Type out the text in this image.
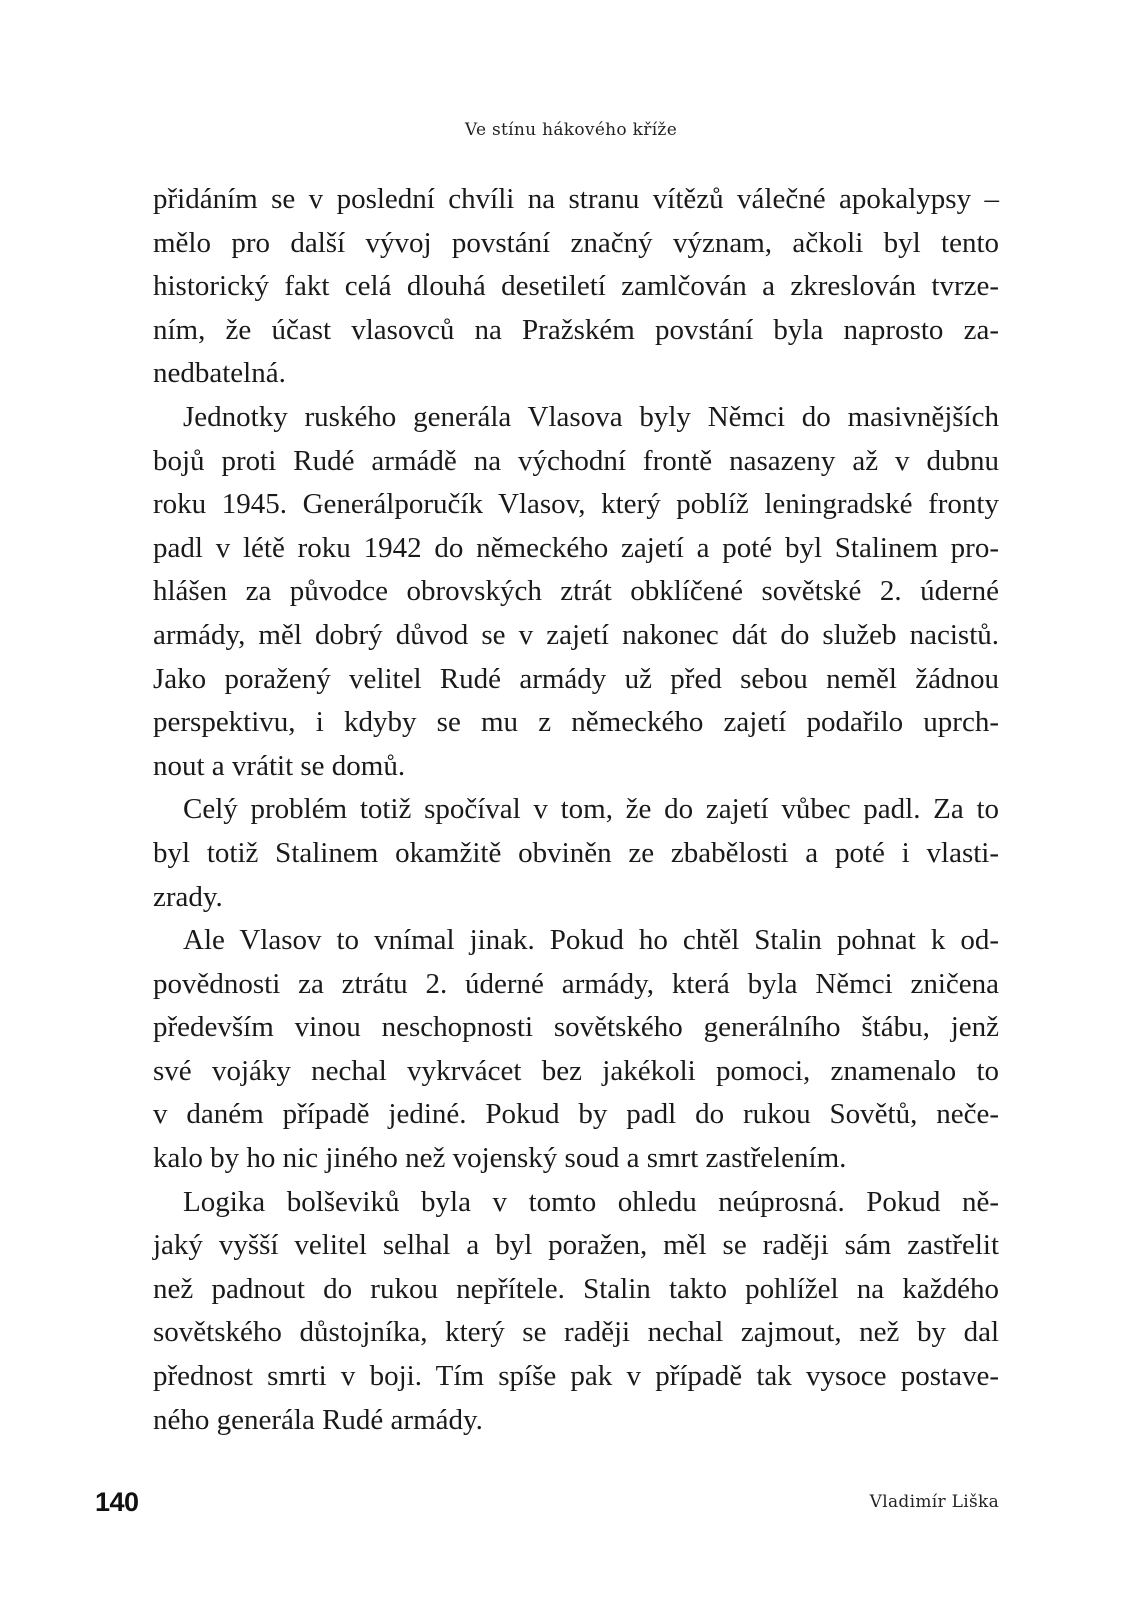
Ve stínu hákového kříže
přidáním se v poslední chvíli na stranu vítězů válečné apokalypsy –
mělo pro další vývoj povstání značný význam, ačkoli byl tento
historický fakt celá dlouhá desetiletí zamlčován a zkreslován tvrze-
ním, že účast vlasovců na Pražském povstání byla naprosto za-
nedbatelná.
Jednotky ruského generála Vlasova byly Němci do masivnějších
bojů proti Rudé armádě na východní frontě nasazeny až v dubnu
roku 1945. Generálporučík Vlasov, který poblíž leningradské fronty
padl v létě roku 1942 do německého zajetí a poté byl Stalinem pro-
hlášen za původce obrovských ztrát obklíčené sovětské 2. úderné
armády, měl dobrý důvod se v zajetí nakonec dát do služeb nacistů.
Jako poražený velitel Rudé armády už před sebou neměl žádnou
perspektivu, i kdyby se mu z německého zajetí podařilo uprch-
nout a vrátit se domů.
Celý problém totiž spočíval v tom, že do zajetí vůbec padl. Za to
byl totiž Stalinem okamžitě obviněn ze zbabělosti a poté i vlasti-
zrady.
Ale Vlasov to vnímal jinak. Pokud ho chtěl Stalin pohnat k od-
povědnosti za ztrátu 2. úderné armády, která byla Němci zničena
především vinou neschopnosti sovětského generálního štábu, jenž
své vojáky nechal vykrvácet bez jakékoli pomoci, znamenalo to
v daném případě jediné. Pokud by padl do rukou Sovětů, neče-
kalo by ho nic jiného než vojenský soud a smrt zastřelením.
Logika bolševiků byla v tomto ohledu neúprosná. Pokud ně-
jaký vyšší velitel selhal a byl poražen, měl se raději sám zastřelit
než padnout do rukou nepřítele. Stalin takto pohlížel na každého
sovětského důstojníka, který se raději nechal zajmout, než by dal
přednost smrti v boji. Tím spíše pak v případě tak vysoce postave-
ného generála Rudé armády.
140	Vladimír Liška
